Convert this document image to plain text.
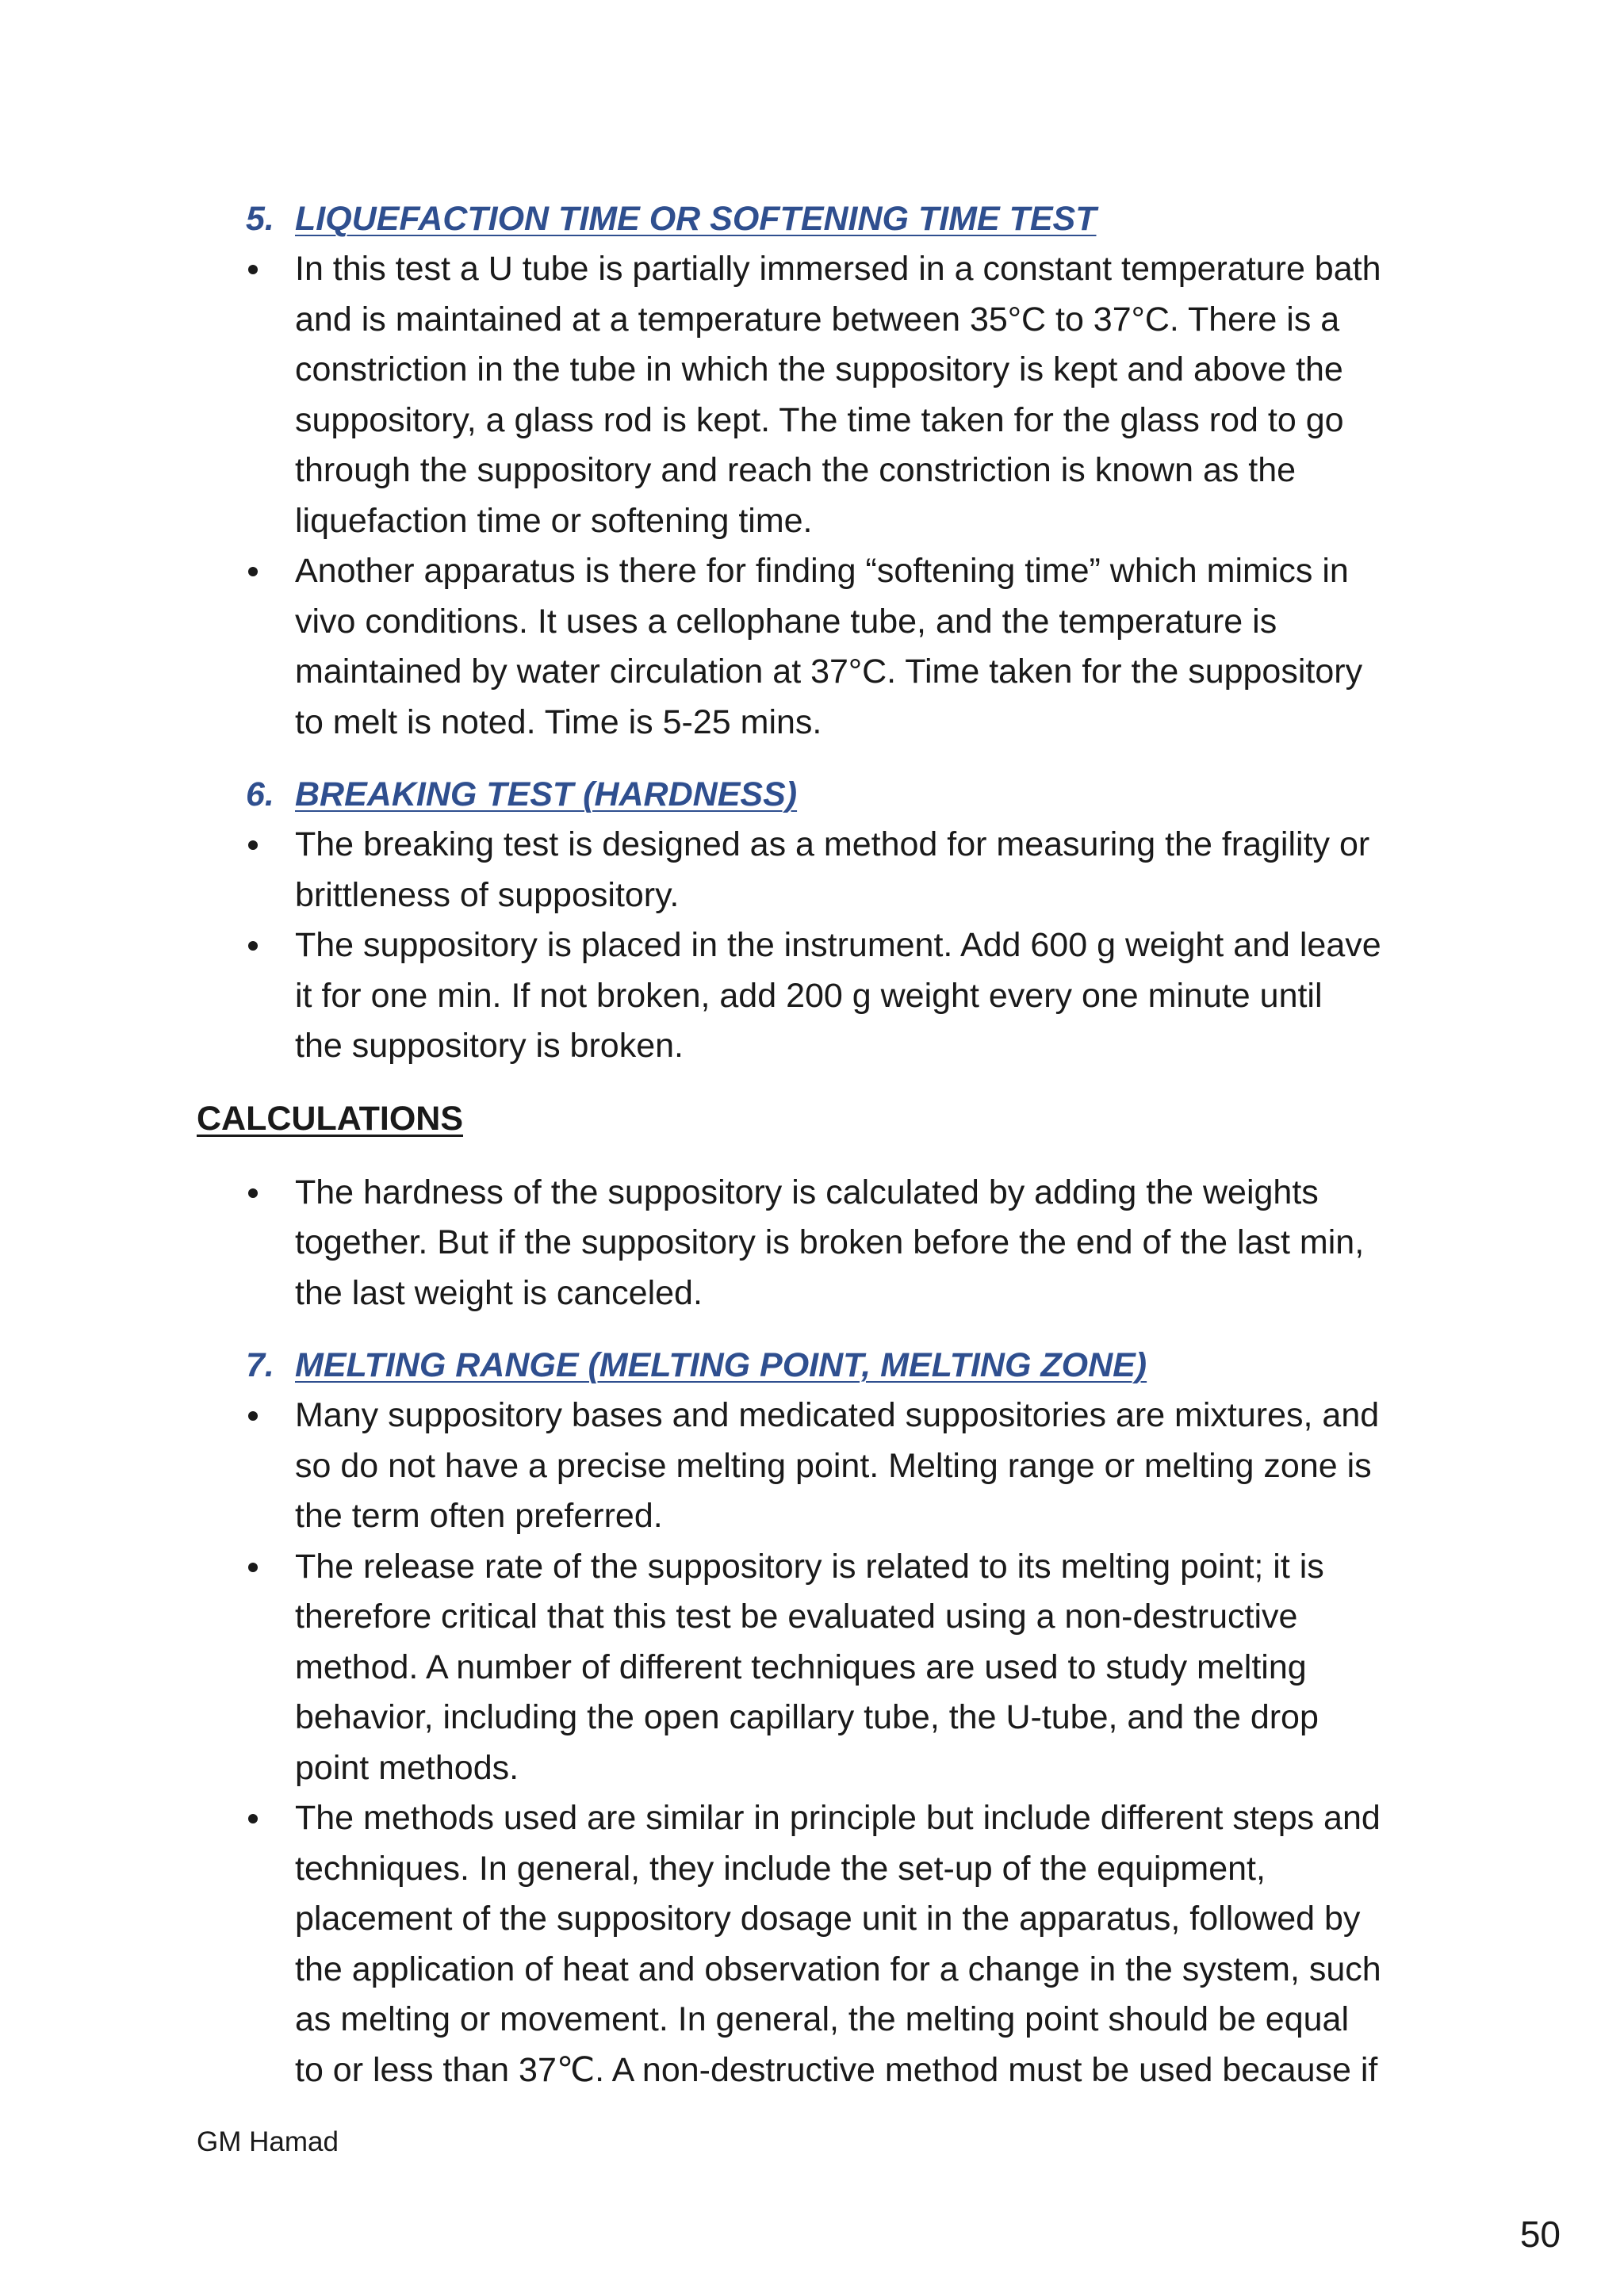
5. LIQUEFACTION TIME OR SOFTENING TIME TEST
In this test a U tube is partially immersed in a constant temperature bath
and is maintained at a temperature between 35°C to 37°C. There is a
constriction in the tube in which the suppository is kept and above the
suppository, a glass rod is kept. The time taken for the glass rod to go
through the suppository and reach the constriction is known as the
liquefaction time or softening time.
Another apparatus is there for finding “softening time” which mimics in
vivo conditions. It uses a cellophane tube, and the temperature is
maintained by water circulation at 37°C. Time taken for the suppository
to melt is noted. Time is 5-25 mins.
6. BREAKING TEST (HARDNESS)
The breaking test is designed as a method for measuring the fragility or
brittleness of suppository.
The suppository is placed in the instrument. Add 600 g weight and leave
it for one min. If not broken, add 200 g weight every one minute until
the suppository is broken.
CALCULATIONS
The hardness of the suppository is calculated by adding the weights
together. But if the suppository is broken before the end of the last min,
the last weight is canceled.
7. MELTING RANGE (MELTING POINT, MELTING ZONE)
Many suppository bases and medicated suppositories are mixtures, and
so do not have a precise melting point. Melting range or melting zone is
the term often preferred.
The release rate of the suppository is related to its melting point; it is
therefore critical that this test be evaluated using a non-destructive
method. A number of different techniques are used to study melting
behavior, including the open capillary tube, the U-tube, and the drop
point methods.
The methods used are similar in principle but include different steps and
techniques. In general, they include the set-up of the equipment,
placement of the suppository dosage unit in the apparatus, followed by
the application of heat and observation for a change in the system, such
as melting or movement. In general, the melting point should be equal
to or less than 37℃. A non-destructive method must be used because if
GM Hamad
50
